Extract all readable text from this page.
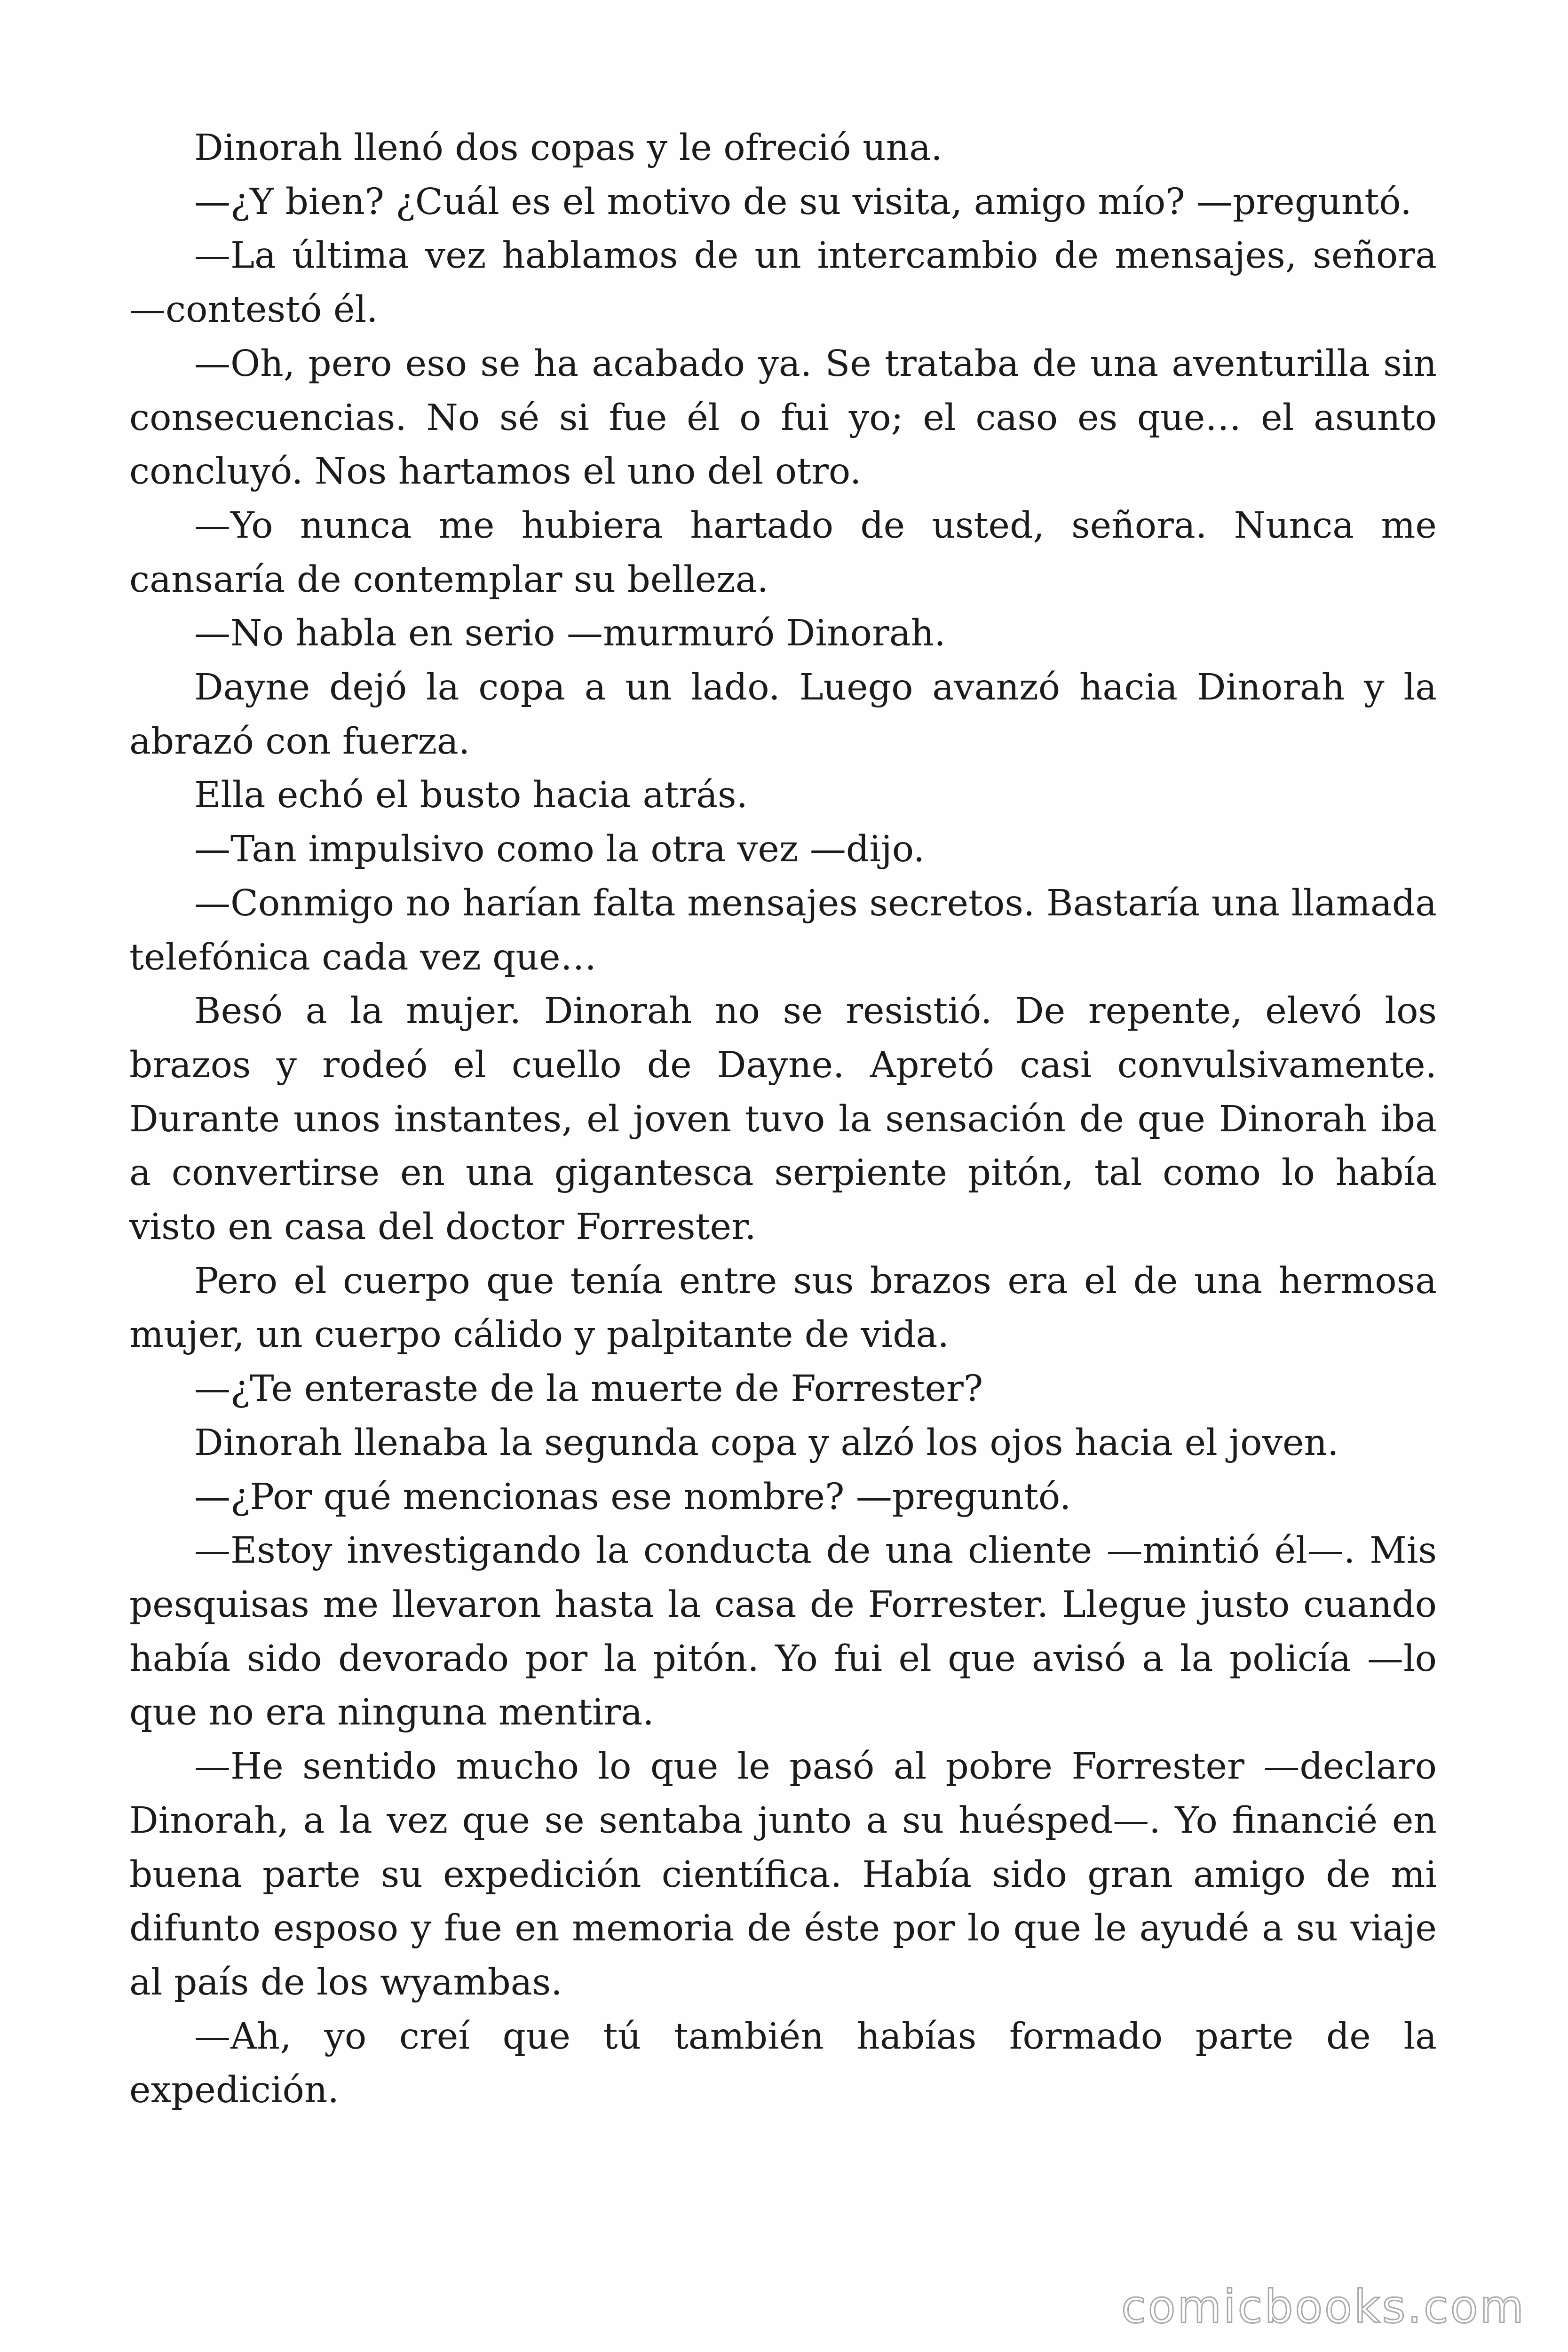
Dinorah llenó dos copas y le ofreció una.

—¿Y bien? ¿Cuál es el motivo de su visita, amigo mío? —preguntó.

—La última vez hablamos de un intercambio de mensajes, señora —contestó él.

—Oh, pero eso se ha acabado ya. Se trataba de una aventurilla sin consecuencias. No sé si fue él o fui yo; el caso es que… el asunto concluyó. Nos hartamos el uno del otro.

—Yo nunca me hubiera hartado de usted, señora. Nunca me cansaría de contemplar su belleza.

—No habla en serio —murmuró Dinorah.

Dayne dejó la copa a un lado. Luego avanzó hacia Dinorah y la abrazó con fuerza.

Ella echó el busto hacia atrás.

—Tan impulsivo como la otra vez —dijo.

—Conmigo no harían falta mensajes secretos. Bastaría una llamada telefónica cada vez que…

Besó a la mujer. Dinorah no se resistió. De repente, elevó los brazos y rodeó el cuello de Dayne. Apretó casi convulsivamente. Durante unos instantes, el joven tuvo la sensación de que Dinorah iba a convertirse en una gigantesca serpiente pitón, tal como lo había visto en casa del doctor Forrester.

Pero el cuerpo que tenía entre sus brazos era el de una hermosa mujer, un cuerpo cálido y palpitante de vida.

—¿Te enteraste de la muerte de Forrester?

Dinorah llenaba la segunda copa y alzó los ojos hacia el joven.

—¿Por qué mencionas ese nombre? —preguntó.

—Estoy investigando la conducta de una cliente —mintió él—. Mis pesquisas me llevaron hasta la casa de Forrester. Llegue justo cuando había sido devorado por la pitón. Yo fui el que avisó a la policía —lo que no era ninguna mentira.

—He sentido mucho lo que le pasó al pobre Forrester —declaro Dinorah, a la vez que se sentaba junto a su huésped—. Yo financié en buena parte su expedición científica. Había sido gran amigo de mi difunto esposo y fue en memoria de éste por lo que le ayudé a su viaje al país de los wyambas.

—Ah, yo creí que tú también habías formado parte de la expedición.

comicbooks.com
